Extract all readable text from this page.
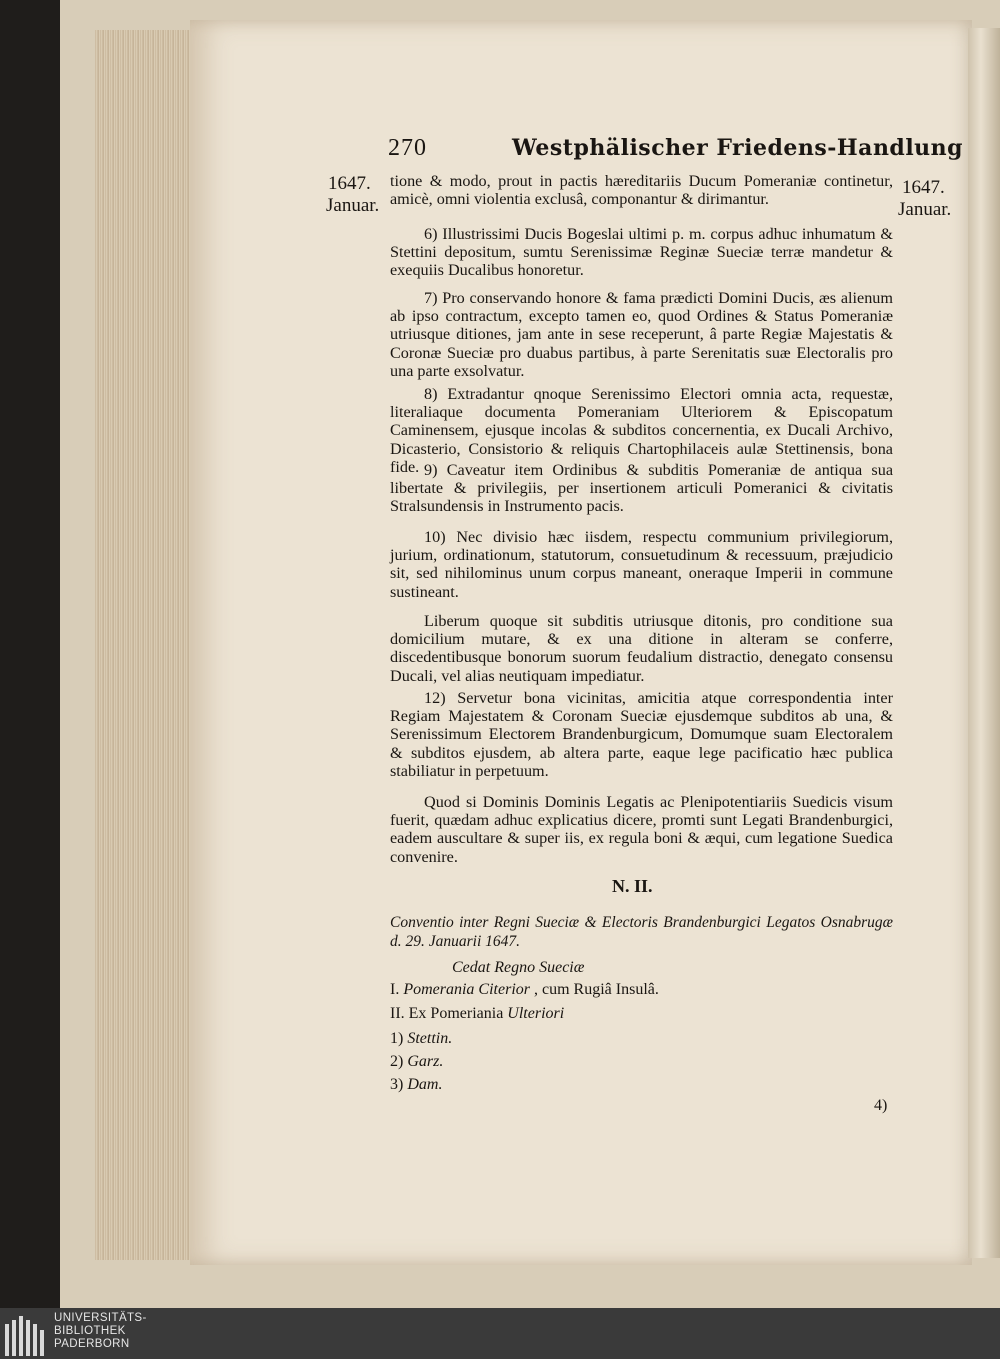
270	Westphälischer Friedens-Handlung
1647.
Januar.
1647.
Januar.

tione & modo, prout in pactis hæreditariis Ducum Pomeraniæ continetur, amicè, omni violentia exclusâ, componantur & dirimantur.

6) Illustrissimi Ducis Bogeslai ultimi p. m. corpus adhuc inhumatum & Stettini depositum, sumtu Serenissimæ Reginæ Sueciæ terræ mandetur & exequiis Ducalibus honoretur.

7) Pro conservando honore & fama prædicti Domini Ducis, æs alienum ab ipso contractum, excepto tamen eo, quod Ordines & Status Pomeraniæ utriusque ditiones, jam ante in sese receperunt, â parte Regiæ Majestatis & Coronæ Sueciæ pro duabus partibus, à parte Serenitatis suæ Electoralis pro una parte exsolvatur.

8) Extradantur qnoque Serenissimo Electori omnia acta, requestæ, literaliaque documenta Pomeraniam Ulteriorem & Episcopatum Caminensem, ejusque incolas & subditos concernentia, ex Ducali Archivo, Dicasterio, Consistorio & reliquis Chartophilaceis aulæ Stettinensis, bona fide. 9) Caveatur item Ordinibus & subditis Pomeraniæ de antiqua sua libertate & privilegiis, per insertionem articuli Pomeranici & civitatis Stralsundensis in Instrumento pacis.

10) Nec divisio hæc iisdem, respectu communium privilegiorum, jurium, ordinationum, statutorum, consuetudinum & recessuum, præjudicio sit, sed nihilominus unum corpus maneant, oneraque Imperii in commune sustineant.

Liberum quoque sit subditis utriusque ditonis, pro conditione sua domicilium mutare, & ex una ditione in alteram se conferre, discedentibusque bonorum suorum feudalium distractio, denegato consensu Ducali, vel alias neutiquam impediatur.

12) Servetur bona vicinitas, amicitia atque correspondentia inter Regiam Majestatem & Coronam Sueciæ ejusdemque subditos ab una, & Serenissimum Electorem Brandenburgicum, Domumque suam Electoralem & subditos ejusdem, ab altera parte, eaque lege pacificatio hæc publica stabiliatur in perpetuum.

Quod si Dominis Dominis Legatis ac Plenipotentiariis Suedicis visum fuerit, quædam adhuc explicatius dicere, promti sunt Legati Brandenburgici, eadem auscultare & super iis, ex regula boni & æqui, cum legatione Suedica convenire.

N. II.
Conventio inter Regni Sueciæ & Electoris Brandenburgici Legatos Osnabrugæ d. 29. Januarii 1647.
Cedat Regno Sueciæ
I. Pomerania Citerior , cum Rugiâ Insulâ.
II. Ex Pomeriania Ulteriori
1) Stettin.
2) Garz.
3) Dam.
4)
UNIVERSITÄTS-
BIBLIOTHEK
PADERBORN
